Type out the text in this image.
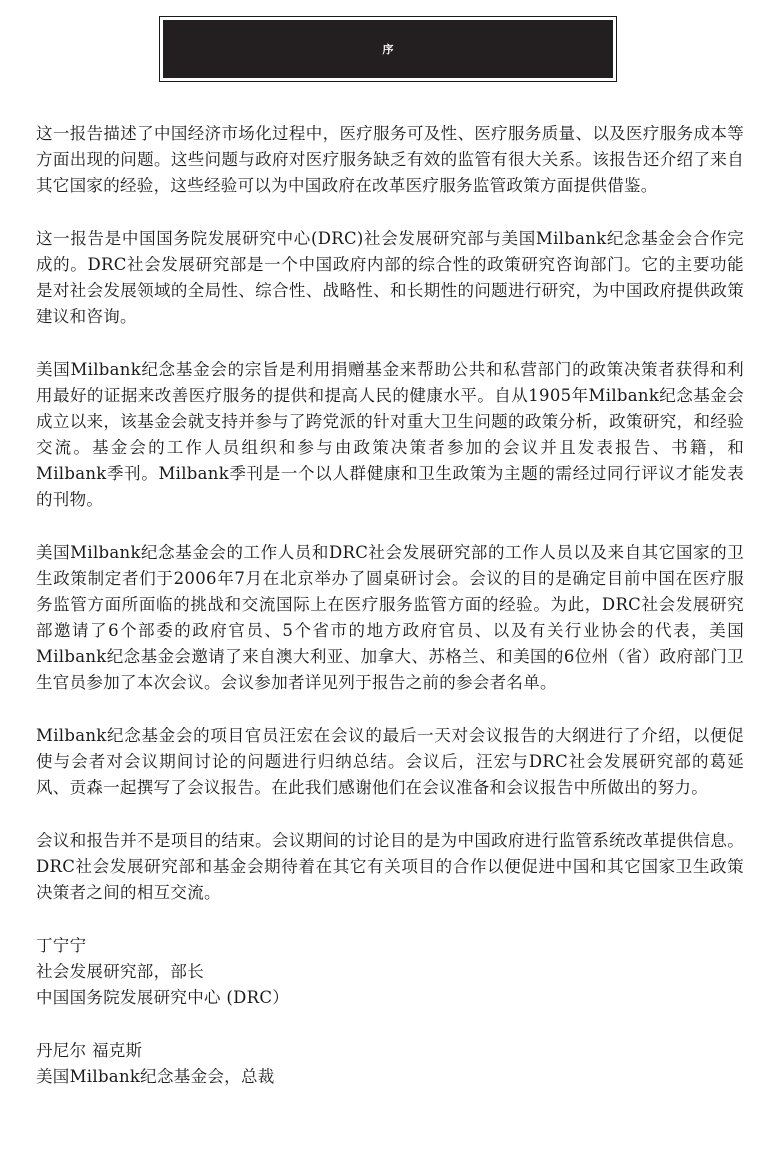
序

这一报告描述了中国经济市场化过程中，医疗服务可及性、医疗服务质量、以及医疗服务成本等方面出现的问题。这些问题与政府对医疗服务缺乏有效的监管有很大关系。该报告还介绍了来自其它国家的经验，这些经验可以为中国政府在改革医疗服务监管政策方面提供借鉴。

这一报告是中国国务院发展研究中心(DRC)社会发展研究部与美国Milbank纪念基金会合作完成的。DRC社会发展研究部是一个中国政府内部的综合性的政策研究咨询部门。它的主要功能是对社会发展领域的全局性、综合性、战略性、和长期性的问题进行研究，为中国政府提供政策建议和咨询。

美国Milbank纪念基金会的宗旨是利用捐赠基金来帮助公共和私营部门的政策决策者获得和利用最好的证据来改善医疗服务的提供和提高人民的健康水平。自从1905年Milbank纪念基金会成立以来，该基金会就支持并参与了跨党派的针对重大卫生问题的政策分析，政策研究，和经验交流。基金会的工作人员组织和参与由政策决策者参加的会议并且发表报告、书籍，和Milbank季刊。Milbank季刊是一个以人群健康和卫生政策为主题的需经过同行评议才能发表的刊物。

美国Milbank纪念基金会的工作人员和DRC社会发展研究部的工作人员以及来自其它国家的卫生政策制定者们于2006年7月在北京举办了圆桌研讨会。会议的目的是确定目前中国在医疗服务监管方面所面临的挑战和交流国际上在医疗服务监管方面的经验。为此，DRC社会发展研究部邀请了6个部委的政府官员、5个省市的地方政府官员、以及有关行业协会的代表，美国Milbank纪念基金会邀请了来自澳大利亚、加拿大、苏格兰、和美国的6位州（省）政府部门卫生官员参加了本次会议。会议参加者详见列于报告之前的参会者名单。

Milbank纪念基金会的项目官员汪宏在会议的最后一天对会议报告的大纲进行了介绍，以便促使与会者对会议期间讨论的问题进行归纳总结。会议后，汪宏与DRC社会发展研究部的葛延风、贡森一起撰写了会议报告。在此我们感谢他们在会议准备和会议报告中所做出的努力。

会议和报告并不是项目的结束。会议期间的讨论目的是为中国政府进行监管系统改革提供信息。DRC社会发展研究部和基金会期待着在其它有关项目的合作以便促进中国和其它国家卫生政策决策者之间的相互交流。

丁宁宁
社会发展研究部，部长
中国国务院发展研究中心 (DRC）
丹尼尔 福克斯
美国Milbank纪念基金会，总裁
